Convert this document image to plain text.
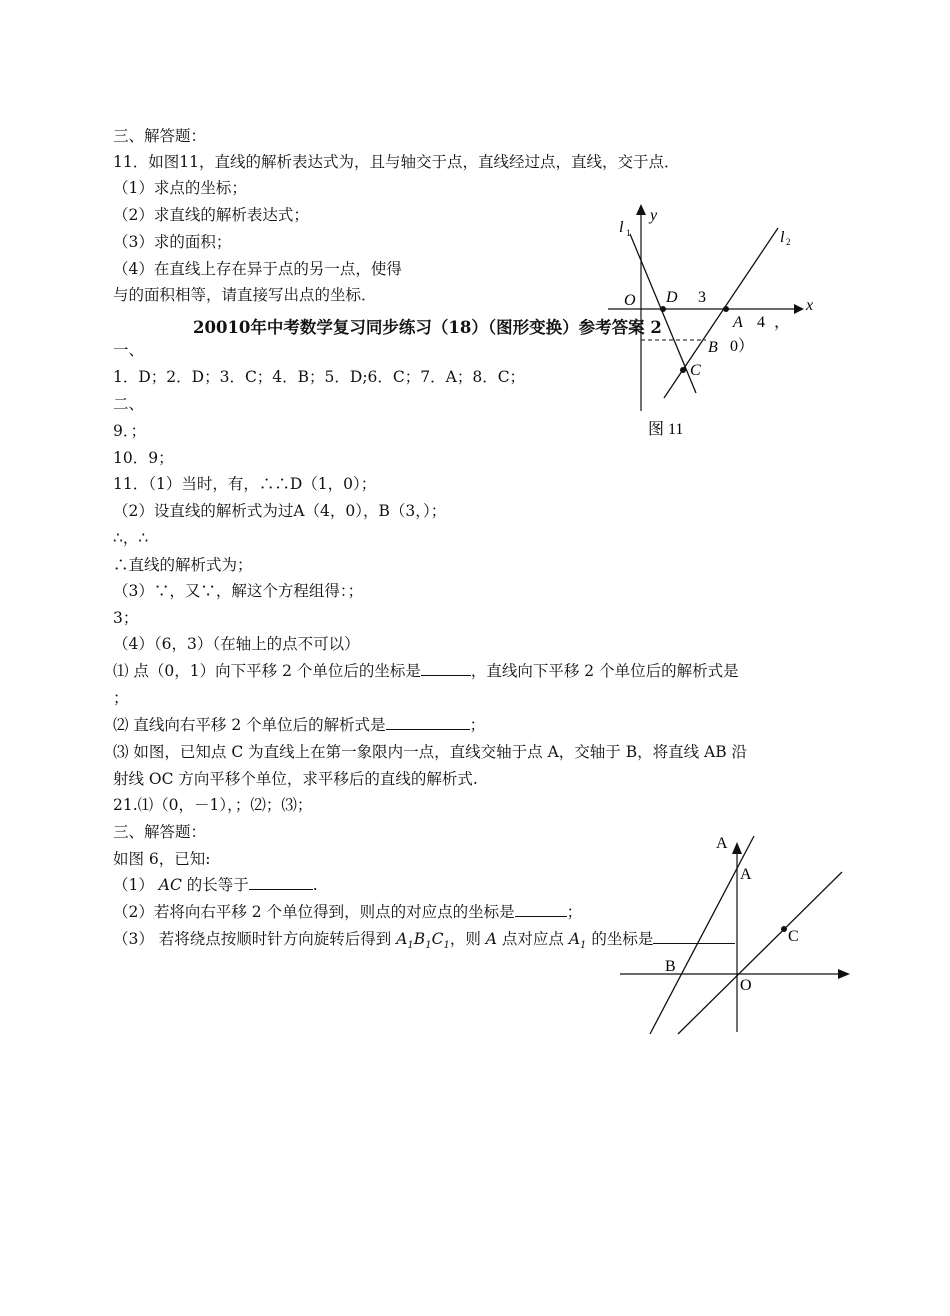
三、解答题：
11．如图11，直线的解析表达式为，且与轴交于点，直线经过点，直线，交于点．
（1）求点的坐标；
（2）求直线的解析表达式；
（3）求的面积；
（4）在直线上存在异于点的另一点，使得
与的面积相等，请直接写出点的坐标．
20010年中考数学复习同步练习（18）（图形变换）参考答案 2
一、
1．D；2．D；3．C；4．B；5．D;6．C；7．A；8．C；
二、
9．；
10．9；
11．（1）当时，有，∴∴D（1，0）；
（2）设直线的解析式为过A（4，0），B（3，）；
∴，∴
∴直线的解析式为；
（3）∵，又∵，解这个方程组得：；
3；
（4）（6，3）（在轴上的点不可以）
⑴ 点（0，1）向下平移 2 个单位后的坐标是	，直线向下平移 2 个单位后的解析式是
；
⑵ 直线向右平移 2 个单位后的解析式是	；
⑶ 如图，已知点 C 为直线上在第一象限内一点，直线交轴于点 A，交轴于 B，将直线 AB 沿
射线 OC 方向平移个单位，求平移后的直线的解析式.
21.⑴（0，－1），；⑵；⑶；
三、解答题：
如图 6，已知:
（1） AC 的长等于	.
（2）若将向右平移 2 个单位得到，则点的对应点的坐标是	；
（3） 若将绕点按顺时针方向旋转后得到 $A_1B_1C_1$，则 A 点对应点 $A_1$ 的坐标是
l 1	l 2
y
x
O D 3
A 4 ，
B 0）
C
图 11
A
A
B
C
O
